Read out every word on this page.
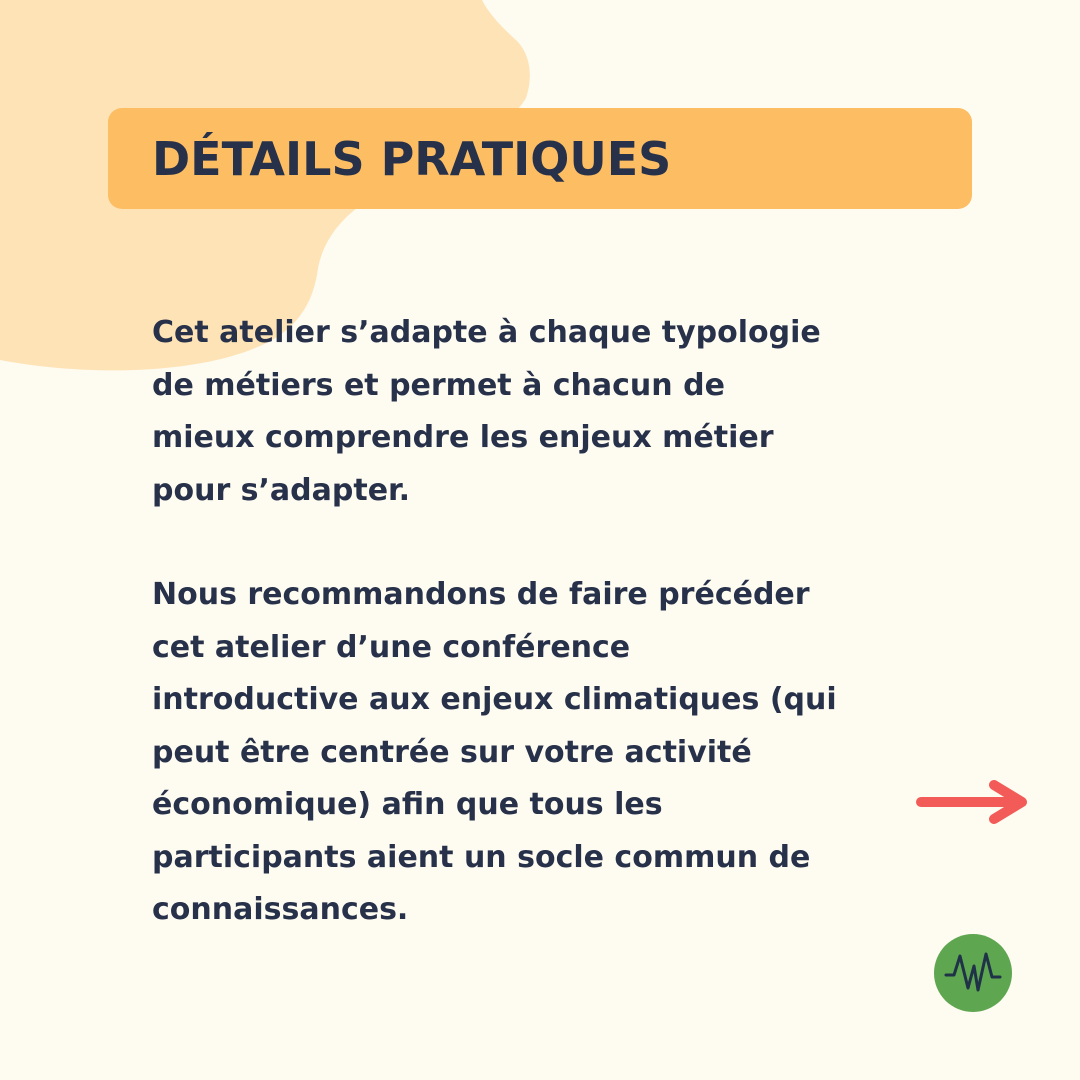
DÉTAILS PRATIQUES

Cet atelier s’adapte à chaque typologie
de métiers et permet à chacun de
mieux comprendre les enjeux métier
pour s’adapter.

Nous recommandons de faire précéder
cet atelier d’une conférence
introductive aux enjeux climatiques (qui
peut être centrée sur votre activité
économique) afin que tous les
participants aient un socle commun de
connaissances.
